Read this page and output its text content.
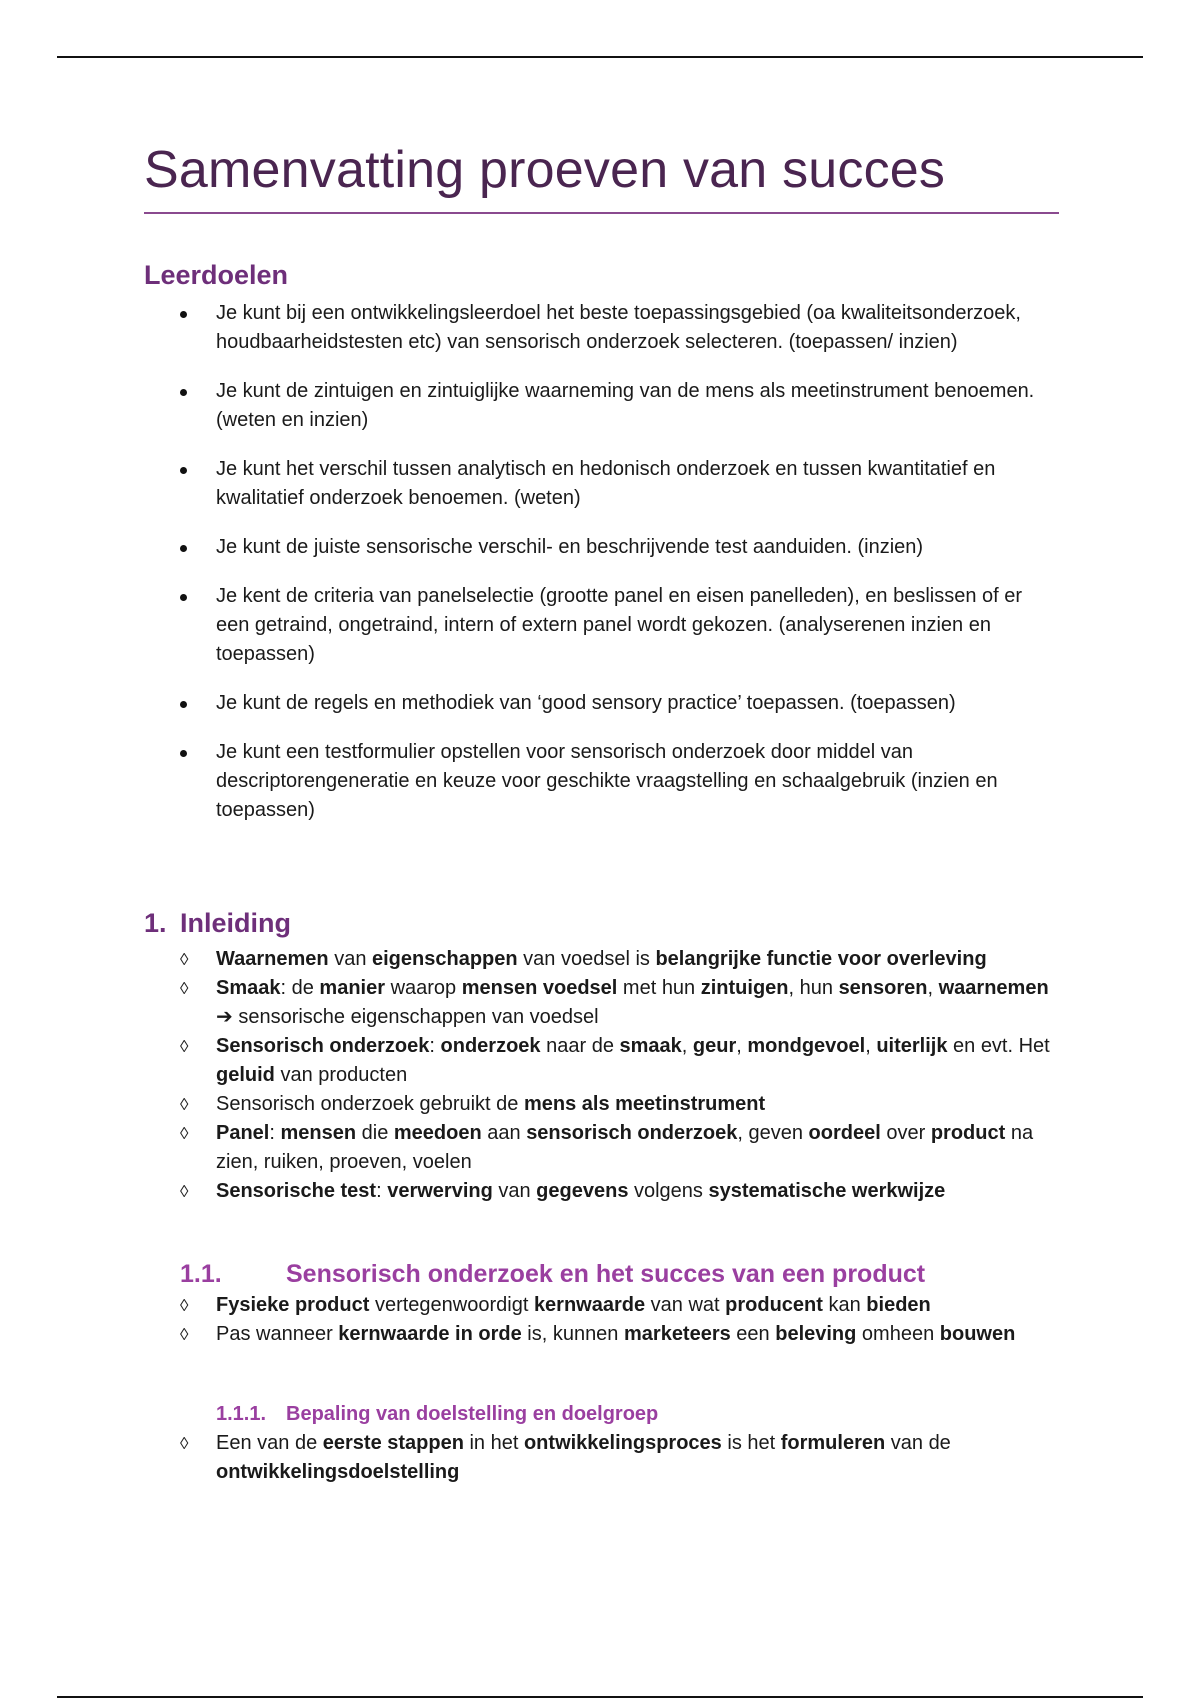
Samenvatting proeven van succes
Leerdoelen
Je kunt bij een ontwikkelingsleerdoel het beste toepassingsgebied (oa kwaliteitsonderzoek, houdbaarheidstesten etc) van sensorisch onderzoek selecteren. (toepassen/ inzien)
Je kunt de zintuigen en zintuiglijke waarneming van de mens als meetinstrument benoemen. (weten en inzien)
Je kunt het verschil tussen analytisch en hedonisch onderzoek en tussen kwantitatief en kwalitatief onderzoek benoemen. (weten)
Je kunt de juiste sensorische verschil- en beschrijvende test aanduiden. (inzien)
Je kent de criteria van panelselectie (grootte panel en eisen panelleden), en beslissen of er een getraind, ongetraind, intern of extern panel wordt gekozen. (analyserenen inzien en toepassen)
Je kunt de regels en methodiek van ‘good sensory practice’ toepassen. (toepassen)
Je kunt een testformulier opstellen voor sensorisch onderzoek door middel van descriptorengeneratie en keuze voor geschikte vraagstelling en schaalgebruik (inzien en toepassen)
1. Inleiding
◊ Waarnemen van eigenschappen van voedsel is belangrijke functie voor overleving
◊ Smaak: de manier waarop mensen voedsel met hun zintuigen, hun sensoren, waarnemen ➔ sensorische eigenschappen van voedsel
◊ Sensorisch onderzoek: onderzoek naar de smaak, geur, mondgevoel, uiterlijk en evt. Het geluid van producten
◊ Sensorisch onderzoek gebruikt de mens als meetinstrument
◊ Panel: mensen die meedoen aan sensorisch onderzoek, geven oordeel over product na zien, ruiken, proeven, voelen
◊ Sensorische test: verwerving van gegevens volgens systematische werkwijze
1.1.	Sensorisch onderzoek en het succes van een product
◊ Fysieke product vertegenwoordigt kernwaarde van wat producent kan bieden
◊ Pas wanneer kernwaarde in orde is, kunnen marketeers een beleving omheen bouwen
1.1.1. Bepaling van doelstelling en doelgroep
◊ Een van de eerste stappen in het ontwikkelingsproces is het formuleren van de ontwikkelingsdoelstelling
